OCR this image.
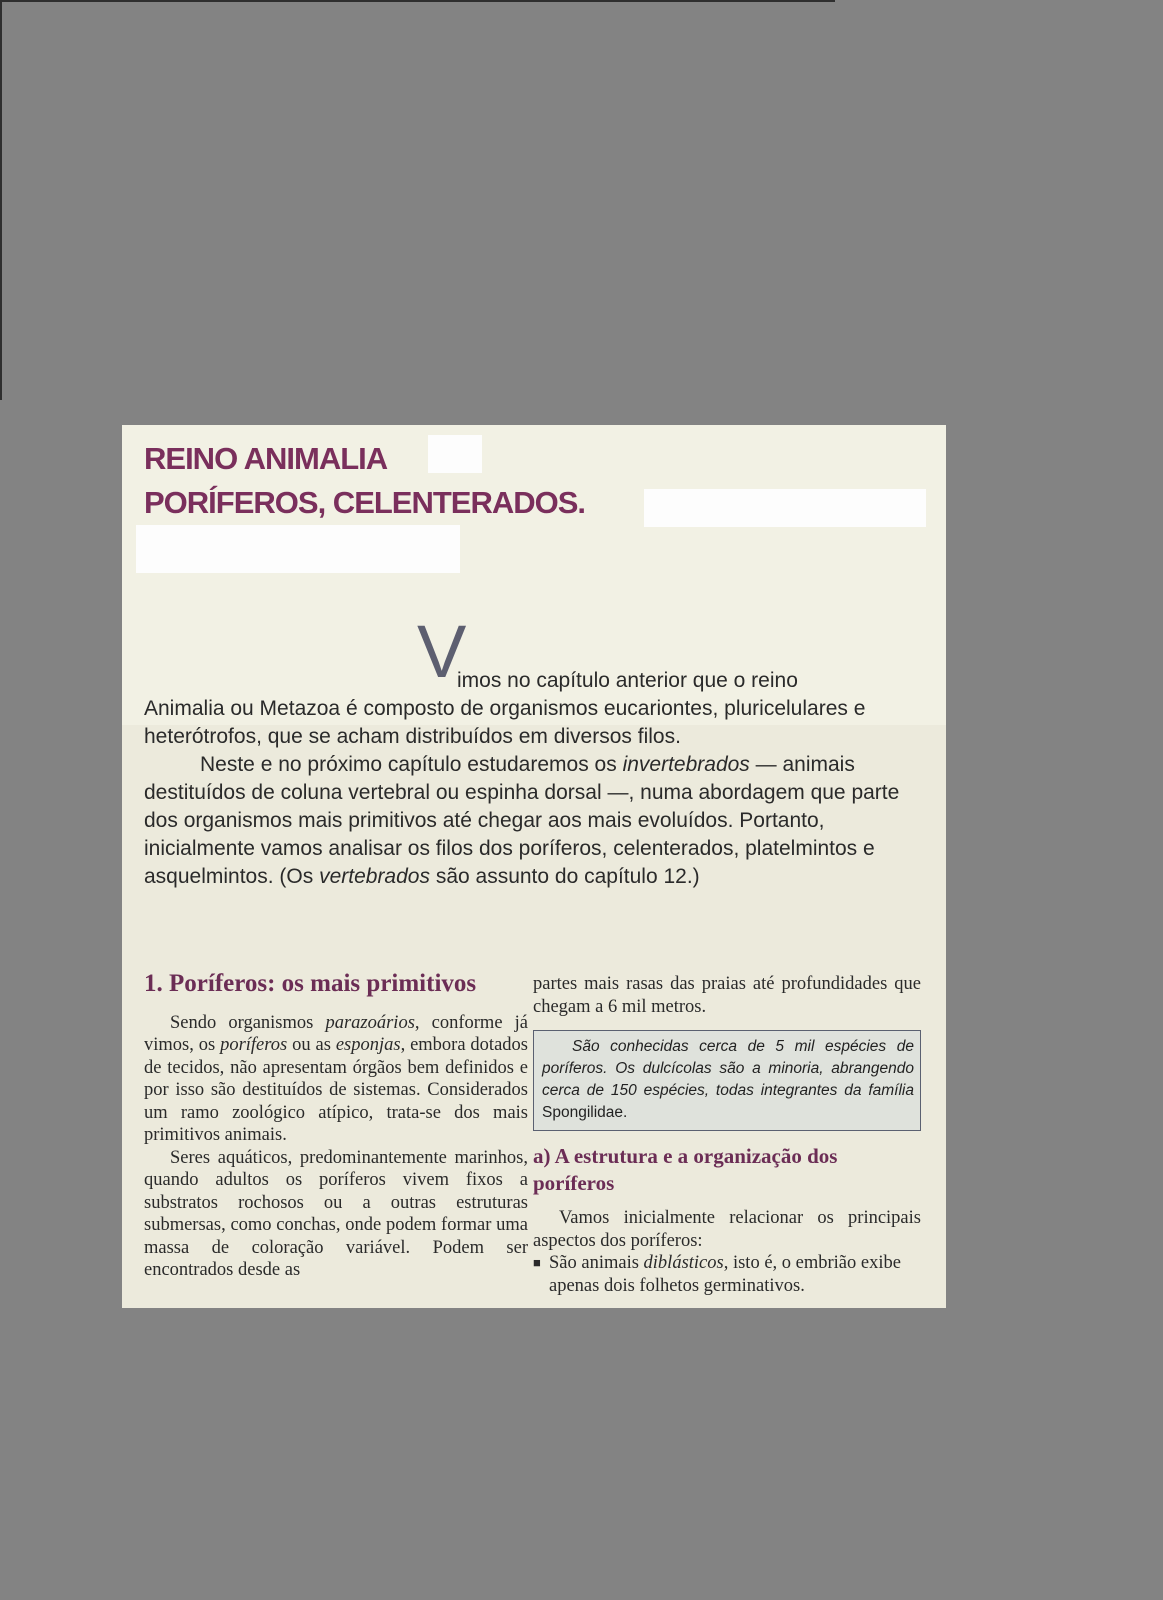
REINO ANIMALIA
PORÍFEROS, CELENTERADOS.
V

imos no capítulo anterior que o reino
Animalia ou Metazoa é composto de organismos eucariontes, pluricelulares e heterótrofos, que se acham distribuídos em diversos filos.

Neste e no próximo capítulo estudaremos os invertebrados — animais destituídos de coluna vertebral ou espinha dorsal —, numa abordagem que parte dos organismos mais primitivos até chegar aos mais evoluídos. Portanto, inicialmente vamos analisar os filos dos poríferos, celenterados, platelmintos e asquelmintos. (Os vertebrados são assunto do capítulo 12.)

1. Poríferos: os mais primitivos

Sendo organismos parazoários, conforme já vimos, os poríferos ou as esponjas, embora dotados de tecidos, não apresentam órgãos bem definidos e por isso são destituídos de sistemas. Considerados um ramo zoológico atípico, trata-se dos mais primitivos animais.

Seres aquáticos, predominantemente marinhos, quando adultos os poríferos vivem fixos a substratos rochosos ou a outras estruturas submersas, como conchas, onde podem formar uma massa de coloração variável. Podem ser encontrados desde as

partes mais rasas das praias até profundidades que chegam a 6 mil metros.

São conhecidas cerca de 5 mil espécies de poríferos. Os dulcícolas são a minoria, abrangendo cerca de 150 espécies, todas integrantes da família Spongilidae.

a) A estrutura e a organização dos poríferos

Vamos inicialmente relacionar os principais aspectos dos poríferos:

■ São animais diblásticos, isto é, o embrião exibe apenas dois folhetos germinativos.
